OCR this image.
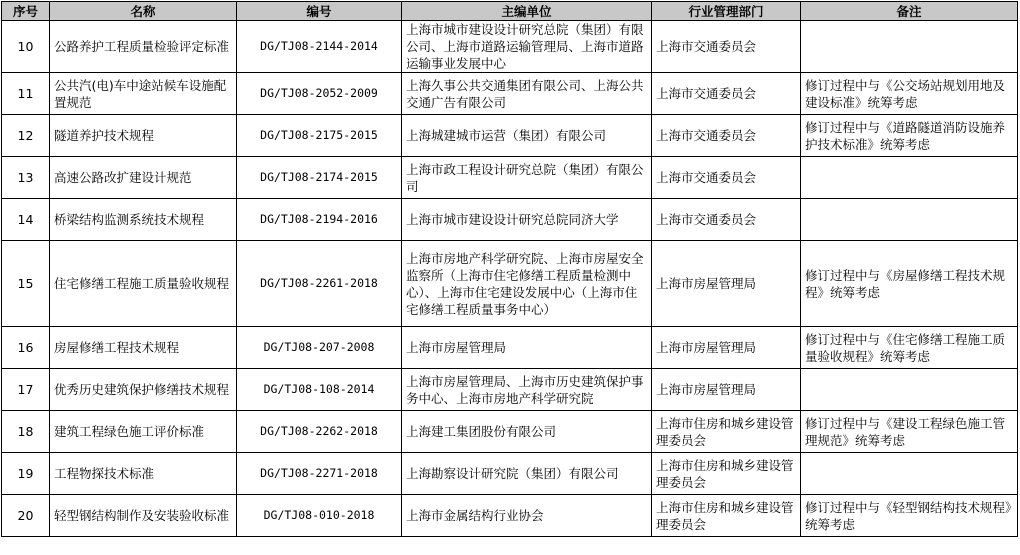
序号	名称	编号	主编单位	行业管理部门	备注
10	公路养护工程质量检验评定标准	DG/TJ08-2144-2014	上海市城市建设设计研究总院（集团）有限公司、上海市道路运输管理局、上海市道路运输事业发展中心	上海市交通委员会	
11	公共汽(电)车中途站候车设施配置规范	DG/TJ08-2052-2009	上海久事公共交通集团有限公司、上海公共交通广告有限公司	上海市交通委员会	修订过程中与《公交场站规划用地及建设标准》统筹考虑
12	隧道养护技术规程	DG/TJ08-2175-2015	上海城建城市运营（集团）有限公司	上海市交通委员会	修订过程中与《道路隧道消防设施养护技术标准》统筹考虑
13	高速公路改扩建设计规范	DG/TJ08-2174-2015	上海市政工程设计研究总院（集团）有限公司	上海市交通委员会	
14	桥梁结构监测系统技术规程	DG/TJ08-2194-2016	上海市城市建设设计研究总院同济大学	上海市交通委员会	
15	住宅修缮工程施工质量验收规程	DG/TJ08-2261-2018	上海市房地产科学研究院、上海市房屋安全监察所（上海市住宅修缮工程质量检测中心）、上海市住宅建设发展中心（上海市住宅修缮工程质量事务中心）	上海市房屋管理局	修订过程中与《房屋修缮工程技术规程》统筹考虑
16	房屋修缮工程技术规程	DG/TJ08-207-2008	上海市房屋管理局	上海市房屋管理局	修订过程中与《住宅修缮工程施工质量验收规程》统筹考虑
17	优秀历史建筑保护修缮技术规程	DG/TJ08-108-2014	上海市房屋管理局、上海市历史建筑保护事务中心、上海市房地产科学研究院	上海市房屋管理局	
18	建筑工程绿色施工评价标准	DG/TJ08-2262-2018	上海建工集团股份有限公司	上海市住房和城乡建设管理委员会	修订过程中与《建设工程绿色施工管理规范》统筹考虑
19	工程物探技术标准	DG/TJ08-2271-2018	上海勘察设计研究院（集团）有限公司	上海市住房和城乡建设管理委员会	
20	轻型钢结构制作及安装验收标准	DG/TJ08-010-2018	上海市金属结构行业协会	上海市住房和城乡建设管理委员会	修订过程中与《轻型钢结构技术规程》统筹考虑
